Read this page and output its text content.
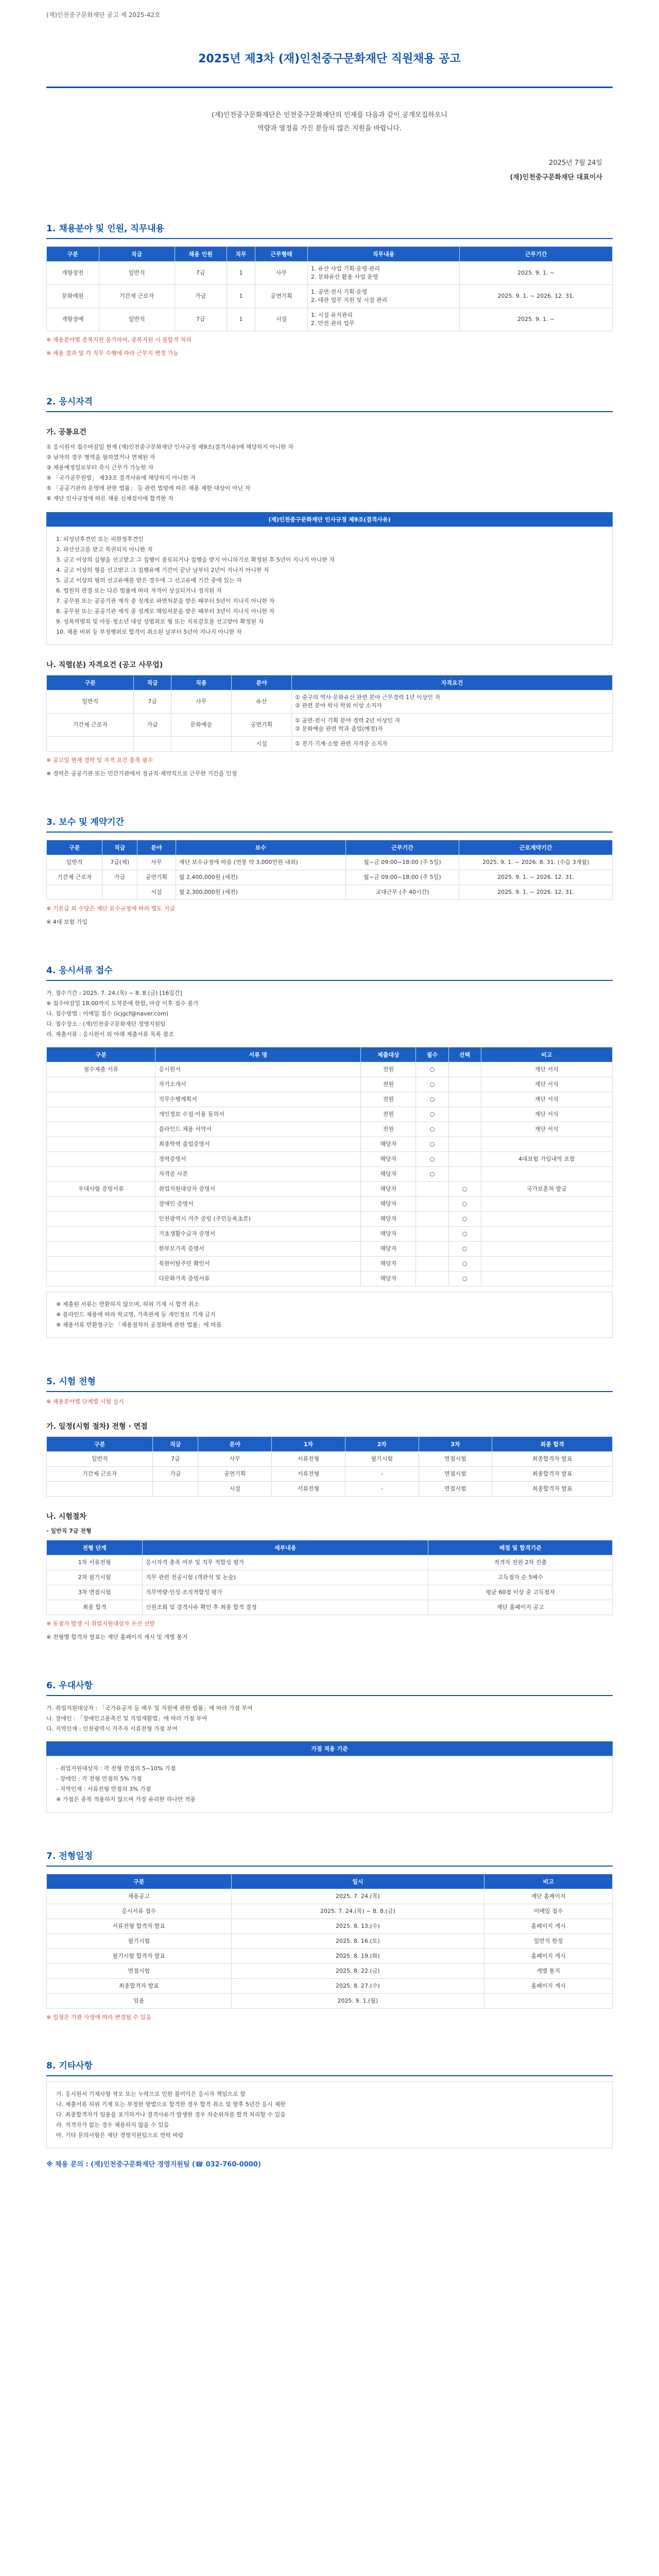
(재)인천중구문화재단 공고 제 2025-42호
2025년 제3차 (재)인천중구문화재단 직원채용 공고

(재)인천중구문화재단은 인천중구문화재단의 인재를 다음과 같이 공개모집하오니

역량과 열정을 가진 분들의 많은 지원을 바랍니다.

2025년 7월 24일

(재)인천중구문화재단 대표이사

1. 채용분야 및 인원, 직무내용
구분	직급	채용 인원	직무	근무형태	직무내용	근무기간
개항장전	일반직	7급	1	사무	1. 유산 사업 기획·운영·관리
2. 문화유산 활용 사업 운영	2025. 9. 1. ~
문화예원	기간제 근로자	가급	1	공연기획	1. 공연·전시 기획·운영
2. 대관 업무 지원 및 시설 관리	2025. 9. 1. ~ 2026. 12. 31.
개항장예	일반직	7급	1	시설	1. 시설 유지관리
2. 안전 관리 업무	2025. 9. 1. ~
※ 채용분야별 중복지원 불가하며, 중복지원 시 불합격 처리
※ 채용 결과 및 각 직무 수행에 따라 근무지 변경 가능
2. 응시자격
가. 공통요건
① 응시원서 접수마감일 현재 (재)인천중구문화재단 인사규정 제9조(결격사유)에 해당하지 아니한 자
② 남자의 경우 병역을 필하였거나 면제된 자
③ 채용예정일로부터 즉시 근무가 가능한 자
④ 「국가공무원법」 제33조 결격사유에 해당하지 아니한 자
⑤ 「공공기관의 운영에 관한 법률」 등 관련 법령에 따른 채용 제한 대상이 아닌 자
⑥ 재단 인사규정에 따른 채용 신체검사에 합격한 자
(재)인천중구문화재단 인사규정 제9조(결격사유)
1. 피성년후견인 또는 피한정후견인
2. 파산선고를 받고 복권되지 아니한 자
3. 금고 이상의 실형을 선고받고 그 집행이 종료되거나 집행을 받지 아니하기로 확정된 후 5년이 지나지 아니한 자
4. 금고 이상의 형을 선고받고 그 집행유예 기간이 끝난 날부터 2년이 지나지 아니한 자
5. 금고 이상의 형의 선고유예를 받은 경우에 그 선고유예 기간 중에 있는 자
6. 법원의 판결 또는 다른 법률에 따라 자격이 상실되거나 정지된 자
7. 공무원 또는 공공기관 재직 중 징계로 파면처분을 받은 때부터 5년이 지나지 아니한 자
8. 공무원 또는 공공기관 재직 중 징계로 해임처분을 받은 때부터 3년이 지나지 아니한 자
9. 성폭력범죄 및 아동·청소년 대상 성범죄로 형 또는 치료감호를 선고받아 확정된 자
10. 채용 비위 등 부정행위로 합격이 취소된 날부터 5년이 지나지 아니한 자
나. 직렬(분) 자격요건 (공고 사무업)
구분	직급	직종	분야	자격요건
일반직	7급	사무	유산	① 중구의 역사·문화유산 관련 분야 근무경력 1년 이상인 자
② 관련 분야 학사 학위 이상 소지자
기간제 근로자	가급	문화예술	공연기획	① 공연·전시 기획 분야 경력 2년 이상인 자
② 문화예술 관련 학과 졸업(예정)자
			시설	① 전기·기계·소방 관련 자격증 소지자
※ 공고일 현재 경력 및 자격 요건 충족 필수
※ 경력은 공공기관 또는 민간기관에서 정규직·계약직으로 근무한 기간을 인정
3. 보수 및 계약기간
구분	직급	분야	보수	근무기간	근로계약기간
일반직	7급(제)	사무	재단 보수규정에 따름 (연봉 약 3,000만원 내외)	월~금 09:00~18:00 (주 5일)	2025. 9. 1. ~ 2026. 8. 31. (수습 3개월)
기간제 근로자	가급	공연기획	월 2,400,000원 (세전)	월~금 09:00~18:00 (주 5일)	2025. 9. 1. ~ 2026. 12. 31.
		시설	월 2,300,000원 (세전)	교대근무 (주 40시간)	2025. 9. 1. ~ 2026. 12. 31.
※ 기본급 외 수당은 재단 보수규정에 따라 별도 지급
※ 4대 보험 가입
4. 응시서류 접수
가. 접수기간 : 2025. 7. 24.(목) ~ 8. 8.(금) [16일간]
※ 접수마감일 18:00까지 도착분에 한함, 마감 이후 접수 불가
나. 접수방법 : 이메일 접수 (icjgcf@naver.com)
다. 접수장소 : (재)인천중구문화재단 경영지원팀
라. 제출서류 : 응시원서 외 아래 제출서류 목록 참조
구분	서류 명	제출대상	필수	선택	비고
필수제출 서류	응시원서	전원	○		재단 서식
	자기소개서	전원	○		재단 서식
	직무수행계획서	전원	○		재단 서식
	개인정보 수집·이용 동의서	전원	○		재단 서식
	블라인드 채용 서약서	전원	○		재단 서식
	최종학력 졸업증명서	해당자	○		
	경력증명서	해당자	○		4대보험 가입내역 포함
	자격증 사본	해당자	○		
우대사항 증빙서류	취업지원대상자 증명서	해당자		○	국가보훈처 발급
	장애인 증명서	해당자		○	
	인천광역시 거주 증빙 (주민등록초본)	해당자		○	
	기초생활수급자 증명서	해당자		○	
	한부모가족 증명서	해당자		○	
	북한이탈주민 확인서	해당자		○	
	다문화가족 증빙서류	해당자		○	
※ 제출된 서류는 반환하지 않으며, 허위 기재 시 합격 취소
※ 블라인드 채용에 따라 학교명, 가족관계 등 개인정보 기재 금지
※ 채용서류 반환청구는 「채용절차의 공정화에 관한 법률」에 따름
5. 시험 전형
※ 채용분야별 단계별 시험 실시
가. 일정(시험 절차) 전형 · 면접
구분	직급	분야	1차	2차	3차	최종 합격
일반직	7급	사무	서류전형	필기시험	면접시험	최종합격자 발표
기간제 근로자	가급	공연기획	서류전형	-	면접시험	최종합격자 발표
		시설	서류전형	-	면접시험	최종합격자 발표
나. 시험절차
- 일반직 7급 전형
전형 단계	세부내용	배점 및 합격기준
1차 서류전형	응시자격 충족 여부 및 직무 적합성 평가	적격자 전원 2차 진출
2차 필기시험	직무 관련 전공시험 (객관식 및 논술)	고득점자 순 5배수
3차 면접시험	직무역량·인성·조직적합성 평가	평균 60점 이상 중 고득점자
최종 합격	신원조회 및 결격사유 확인 후 최종 합격 결정	재단 홈페이지 공고
※ 동점자 발생 시 취업지원대상자 우선 선발
※ 전형별 합격자 발표는 재단 홈페이지 게시 및 개별 통지
6. 우대사항
가. 취업지원대상자 : 「국가유공자 등 예우 및 지원에 관한 법률」에 따라 가점 부여
나. 장애인 : 「장애인고용촉진 및 직업재활법」에 따라 가점 부여
다. 지역인재 : 인천광역시 거주자 서류전형 가점 부여
가점 적용 기준
- 취업지원대상자 : 각 전형 만점의 5~10% 가점
- 장애인 : 각 전형 만점의 5% 가점
- 지역인재 : 서류전형 만점의 3% 가점
※ 가점은 중복 적용하지 않으며 가장 유리한 하나만 적용
7. 전형일정
구분	일시	비고
채용공고	2025. 7. 24.(목)	재단 홈페이지
응시서류 접수	2025. 7. 24.(목) ~ 8. 8.(금)	이메일 접수
서류전형 합격자 발표	2025. 8. 13.(수)	홈페이지 게시
필기시험	2025. 8. 16.(토)	일반직 한정
필기시험 합격자 발표	2025. 8. 19.(화)	홈페이지 게시
면접시험	2025. 8. 22.(금)	개별 통지
최종합격자 발표	2025. 8. 27.(수)	홈페이지 게시
임용	2025. 9. 1.(월)	
※ 일정은 기관 사정에 따라 변경될 수 있음
8. 기타사항
가. 응시원서 기재사항 착오 또는 누락으로 인한 불이익은 응시자 책임으로 함
나. 제출서류 허위 기재 또는 부정한 방법으로 합격한 경우 합격 취소 및 향후 5년간 응시 제한
다. 최종합격자가 임용을 포기하거나 결격사유가 발생한 경우 차순위자를 합격 처리할 수 있음
라. 적격자가 없는 경우 채용하지 않을 수 있음
마. 기타 문의사항은 재단 경영지원팀으로 연락 바람
※ 채용 문의 : (재)인천중구문화재단 경영지원팀 (☎ 032-760-0000)
